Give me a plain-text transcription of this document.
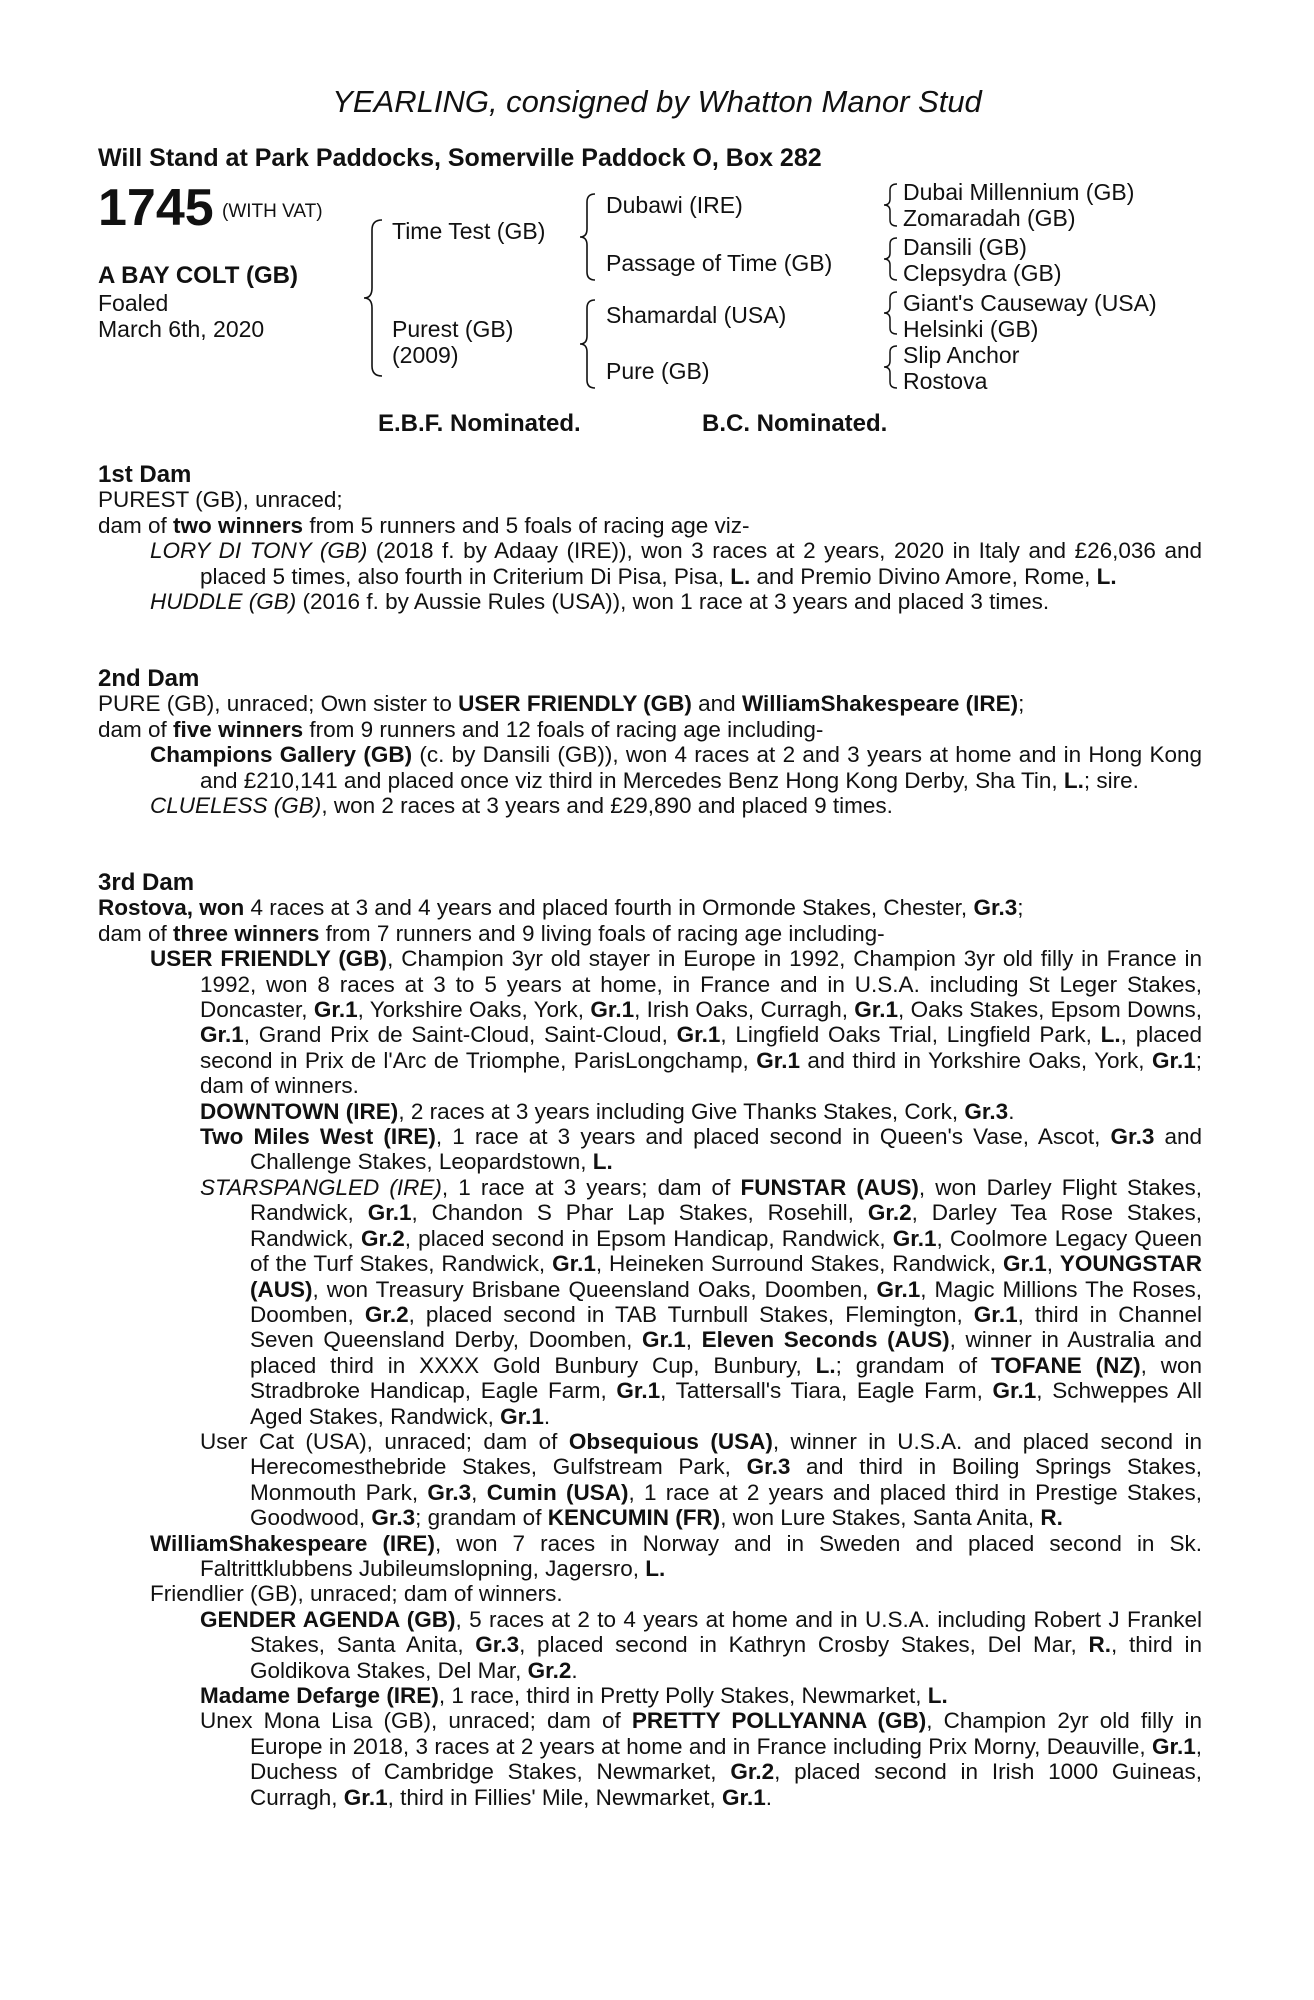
YEARLING, consigned by Whatton Manor Stud
Will Stand at Park Paddocks, Somerville Paddock O, Box 282
1745 (WITH VAT)
A BAY COLT (GB)
Foaled
March 6th, 2020
Time Test (GB)
Purest (GB)
(2009)
Dubawi (IRE)
Passage of Time (GB)
Shamardal (USA)
Pure (GB)
Dubai Millennium (GB)
Zomaradah (GB)
Dansili (GB)
Clepsydra (GB)
Giant's Causeway (USA)
Helsinki (GB)
Slip Anchor
Rostova
E.B.F. Nominated.	B.C. Nominated.

1st Dam

PUREST (GB), unraced;

dam of two winners from 5 runners and 5 foals of racing age viz-

LORY DI TONY (GB) (2018 f. by Adaay (IRE)), won 3 races at 2 years, 2020 in Italy and £26,036 and placed 5 times, also fourth in Criterium Di Pisa, Pisa, L. and Premio Divino Amore, Rome, L.

HUDDLE (GB) (2016 f. by Aussie Rules (USA)), won 1 race at 3 years and placed 3 times.

2nd Dam

PURE (GB), unraced; Own sister to USER FRIENDLY (GB) and WilliamShakespeare (IRE);

dam of five winners from 9 runners and 12 foals of racing age including-

Champions Gallery (GB) (c. by Dansili (GB)), won 4 races at 2 and 3 years at home and in Hong Kong and £210,141 and placed once viz third in Mercedes Benz Hong Kong Derby, Sha Tin, L.; sire.

CLUELESS (GB), won 2 races at 3 years and £29,890 and placed 9 times.

3rd Dam

Rostova, won 4 races at 3 and 4 years and placed fourth in Ormonde Stakes, Chester, Gr.3;

dam of three winners from 7 runners and 9 living foals of racing age including-

USER FRIENDLY (GB), Champion 3yr old stayer in Europe in 1992, Champion 3yr old filly in France in 1992, won 8 races at 3 to 5 years at home, in France and in U.S.A. including St Leger Stakes, Doncaster, Gr.1, Yorkshire Oaks, York, Gr.1, Irish Oaks, Curragh, Gr.1, Oaks Stakes, Epsom Downs, Gr.1, Grand Prix de Saint-Cloud, Saint-Cloud, Gr.1, Lingfield Oaks Trial, Lingfield Park, L., placed second in Prix de l'Arc de Triomphe, ParisLongchamp, Gr.1 and third in Yorkshire Oaks, York, Gr.1; dam of winners.

DOWNTOWN (IRE), 2 races at 3 years including Give Thanks Stakes, Cork, Gr.3.

Two Miles West (IRE), 1 race at 3 years and placed second in Queen's Vase, Ascot, Gr.3 and Challenge Stakes, Leopardstown, L.

STARSPANGLED (IRE), 1 race at 3 years; dam of FUNSTAR (AUS), won Darley Flight Stakes, Randwick, Gr.1, Chandon S Phar Lap Stakes, Rosehill, Gr.2, Darley Tea Rose Stakes, Randwick, Gr.2, placed second in Epsom Handicap, Randwick, Gr.1, Coolmore Legacy Queen of the Turf Stakes, Randwick, Gr.1, Heineken Surround Stakes, Randwick, Gr.1, YOUNGSTAR (AUS), won Treasury Brisbane Queensland Oaks, Doomben, Gr.1, Magic Millions The Roses, Doomben, Gr.2, placed second in TAB Turnbull Stakes, Flemington, Gr.1, third in Channel Seven Queensland Derby, Doomben, Gr.1, Eleven Seconds (AUS), winner in Australia and placed third in XXXX Gold Bunbury Cup, Bunbury, L.; grandam of TOFANE (NZ), won Stradbroke Handicap, Eagle Farm, Gr.1, Tattersall's Tiara, Eagle Farm, Gr.1, Schweppes All Aged Stakes, Randwick, Gr.1.

User Cat (USA), unraced; dam of Obsequious (USA), winner in U.S.A. and placed second in Herecomesthebride Stakes, Gulfstream Park, Gr.3 and third in Boiling Springs Stakes, Monmouth Park, Gr.3, Cumin (USA), 1 race at 2 years and placed third in Prestige Stakes, Goodwood, Gr.3; grandam of KENCUMIN (FR), won Lure Stakes, Santa Anita, R.

WilliamShakespeare (IRE), won 7 races in Norway and in Sweden and placed second in Sk. Faltrittklubbens Jubileumslopning, Jagersro, L.

Friendlier (GB), unraced; dam of winners.

GENDER AGENDA (GB), 5 races at 2 to 4 years at home and in U.S.A. including Robert J Frankel Stakes, Santa Anita, Gr.3, placed second in Kathryn Crosby Stakes, Del Mar, R., third in Goldikova Stakes, Del Mar, Gr.2.

Madame Defarge (IRE), 1 race, third in Pretty Polly Stakes, Newmarket, L.

Unex Mona Lisa (GB), unraced; dam of PRETTY POLLYANNA (GB), Champion 2yr old filly in Europe in 2018, 3 races at 2 years at home and in France including Prix Morny, Deauville, Gr.1, Duchess of Cambridge Stakes, Newmarket, Gr.2, placed second in Irish 1000 Guineas, Curragh, Gr.1, third in Fillies' Mile, Newmarket, Gr.1.
